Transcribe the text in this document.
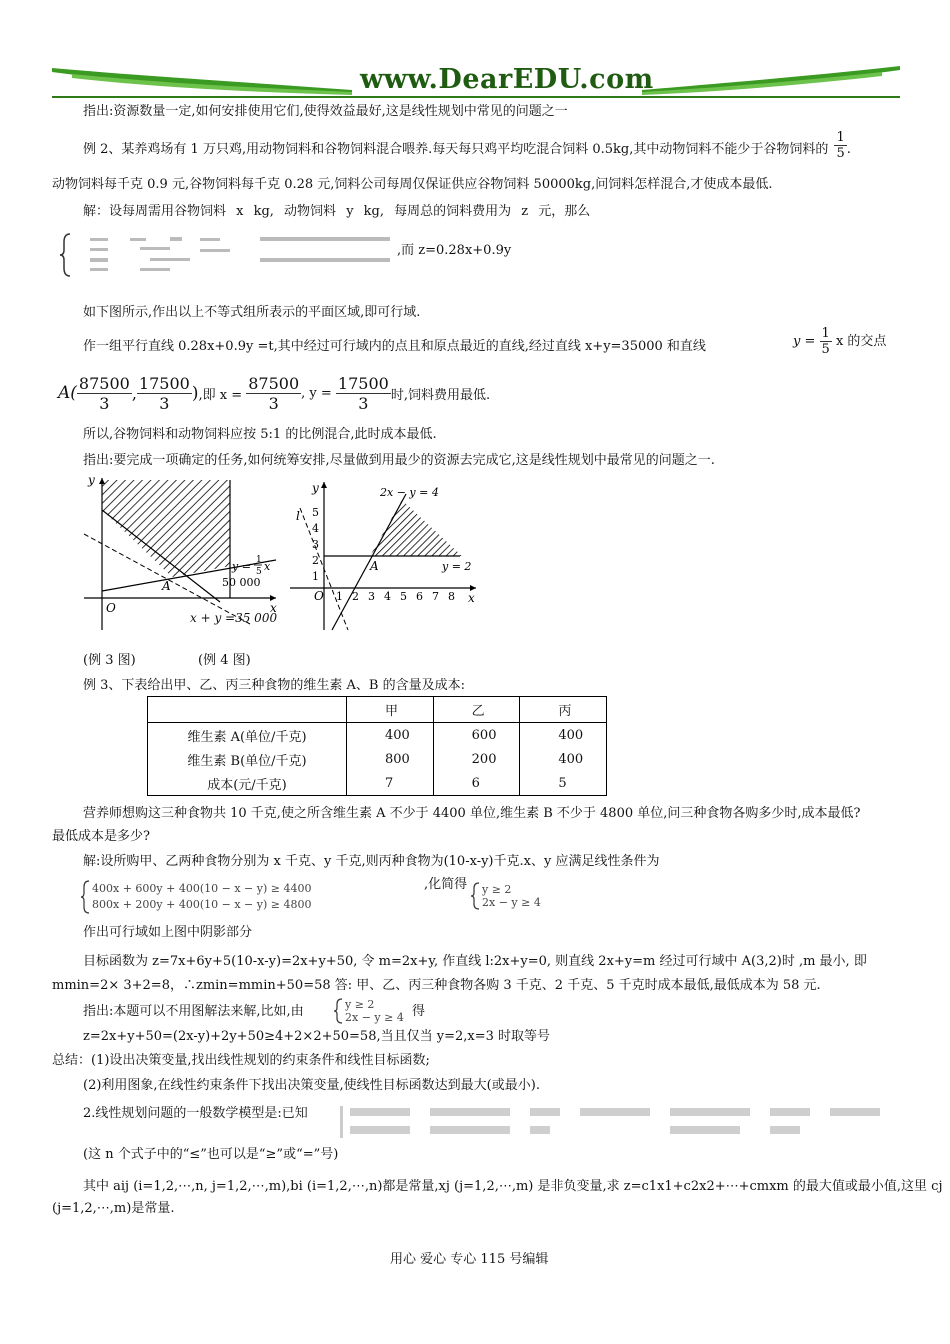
www.DearEDU.com
指出:资源数量一定,如何安排使用它们,使得效益最好,这是线性规划中常见的问题之一
例 2、某养鸡场有 1 万只鸡,用动物饲料和谷物饲料混合喂养.每天每只鸡平均吃混合饲料 0.5kg,其中动物饲料不能少于谷物饲料的 $\frac{1}{5}$ .
动物饲料每千克 0.9 元,谷物饲料每千克 0.28 元,饲料公司每周仅保证供应谷物饲料 50000kg,问饲料怎样混合,才使成本最低.
解：设每周需用谷物饲料 x kg, 动物饲料 y kg, 每周总的饲料费用为 z 元，那么
,而 z=0.28x+0.9y
如下图所示,作出以上不等式组所表示的平面区域,即可行域.
作一组平行直线 0.28x+0.9y =t,其中经过可行域内的点且和原点最近的直线,经过直线 x+y=35000 和直线	$y = \frac{1}{5}$ x 的交点
$A( \frac{87500}{3}$ , $\frac{17500}{3}$ ),即 $x = \frac{87500}{3}$ , $y = \frac{17500}{3}$ 时,饲料费用最低.
所以,谷物饲料和动物饲料应按 5:1 的比例混合,此时成本最低.
指出:要完成一项确定的任务,如何统筹安排,尽量做到用最少的资源去完成它,这是线性规划中最常见的问题之一.
y
x
O
A
y = 1
5 x
50 000
x + y =35 000
y
x
O
A
2x − y = 4
l
y = 2
5
4
3
2
1
1 2 3 4 5 6 7 8
(例 3 图)	(例 4 图)
例 3、下表给出甲、乙、丙三种食物的维生素 A、B 的含量及成本:
	甲	乙	丙
维生素 A(单位/千克)	400	600	400
维生素 B(单位/千克)	800	200	400
成本(元/千克)	7	6	5
营养师想购这三种食物共 10 千克,使之所含维生素 A 不少于 4400 单位,维生素 B 不少于 4800 单位,问三种食物各购多少时,成本最低?
最低成本是多少?
解:设所购甲、乙两种食物分别为 x 千克、y 千克,则丙种食物为(10-x-y)千克.x、y 应满足线性条件为
400x + 600y + 400(10 − x − y) ≥ 4400
800x + 200y + 400(10 − x − y) ≥ 4800
,化简得 y ≥ 2
2x − y ≥ 4
作出可行域如上图中阴影部分
目标函数为 z=7x+6y+5(10-x-y)=2x+y+50, 令 m=2x+y, 作直线 l:2x+y=0, 则直线 2x+y=m 经过可行域中 A(3,2)时 ,m 最小, 即
mmin=2× 3+2=8，∴zmin=mmin+50=58 答: 甲、乙、丙三种食物各购 3 千克、2 千克、5 千克时成本最低,最低成本为 58 元.
指出:本题可以不用图解法来解,比如,由	y ≥ 2
2x − y ≥ 4 得
z=2x+y+50=(2x-y)+2y+50≥4+2×2+50=58,当且仅当 y=2,x=3 时取等号
总结：(1)设出决策变量,找出线性规划的约束条件和线性目标函数;
(2)利用图象,在线性约束条件下找出决策变量,使线性目标函数达到最大(或最小).
2.线性规划问题的一般数学模型是:已知
(这 n 个式子中的“≤”也可以是“≥”或“=”号)
其中 aij (i=1,2,⋯,n, j=1,2,⋯,m),bi (i=1,2,⋯,n)都是常量,xj (j=1,2,⋯,m) 是非负变量,求 z=c1x1+c2x2+⋯+cmxm 的最大值或最小值,这里 cj
(j=1,2,⋯,m)是常量.
用心 爱心 专心 115 号编辑
